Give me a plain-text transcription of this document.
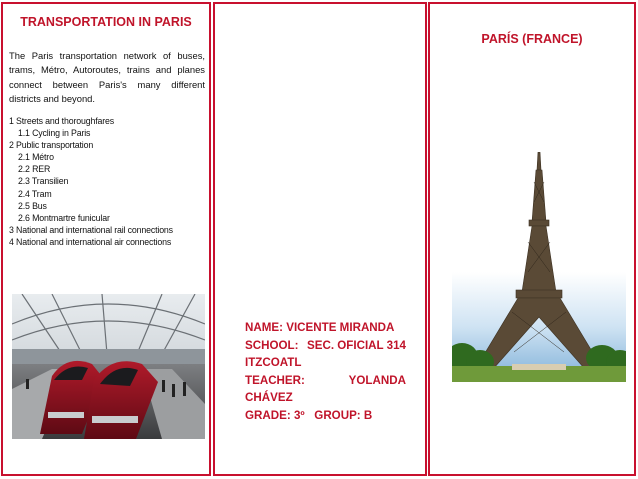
TRANSPORTATION IN PARIS
The Paris transportation network of buses, trams, Métro, Autoroutes, trains and planes connect between Paris's many different districts and beyond.
1 Streets and thoroughfares
1.1 Cycling in Paris
2 Public transportation
2.1 Métro
2.2 RER
2.3 Transilien
2.4 Tram
2.5 Bus
2.6 Montmartre funicular
3 National and international rail connections
4 National and international air connections
NAME: VICENTE MIRANDA
SCHOOL: SEC. OFICIAL 314
ITZCOATL
TEACHER:	YOLANDA
CHÁVEZ
GRADE: 3º   GROUP: B
PARÍS (FRANCE)
